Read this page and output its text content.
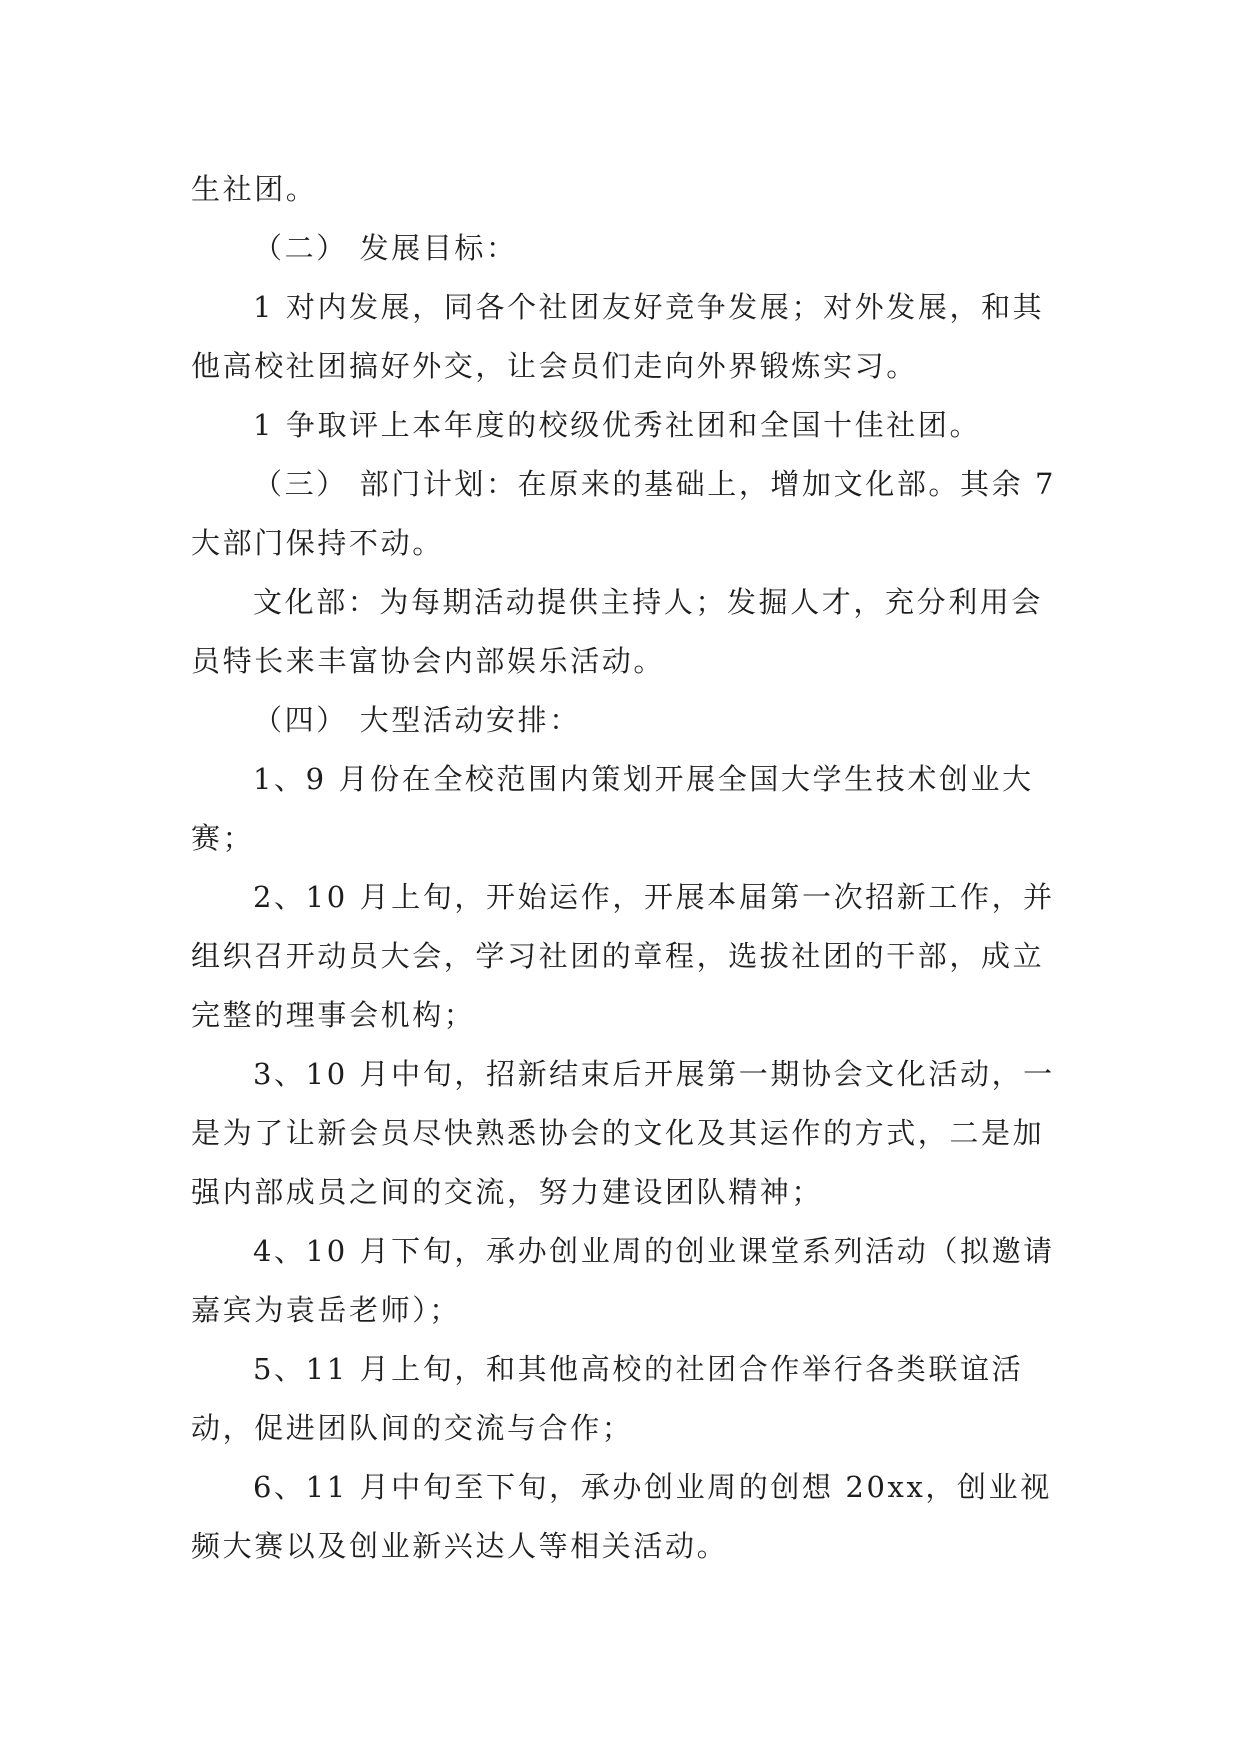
生社团。

（二） 发展目标：

1 对内发展，同各个社团友好竞争发展；对外发展，和其他高校社团搞好外交，让会员们走向外界锻炼实习。

1 争取评上本年度的校级优秀社团和全国十佳社团。

（三） 部门计划：在原来的基础上，增加文化部。其余 7 大部门保持不动。

文化部：为每期活动提供主持人；发掘人才，充分利用会员特长来丰富协会内部娱乐活动。

（四） 大型活动安排：

1、9 月份在全校范围内策划开展全国大学生技术创业大赛；

2、10 月上旬，开始运作，开展本届第一次招新工作，并组织召开动员大会，学习社团的章程，选拔社团的干部，成立完整的理事会机构；

3、10 月中旬，招新结束后开展第一期协会文化活动，一是为了让新会员尽快熟悉协会的文化及其运作的方式，二是加强内部成员之间的交流，努力建设团队精神；

4、10 月下旬，承办创业周的创业课堂系列活动（拟邀请嘉宾为袁岳老师）；

5、11 月上旬，和其他高校的社团合作举行各类联谊活动，促进团队间的交流与合作；

6、11 月中旬至下旬，承办创业周的创想 20xx，创业视频大赛以及创业新兴达人等相关活动。
